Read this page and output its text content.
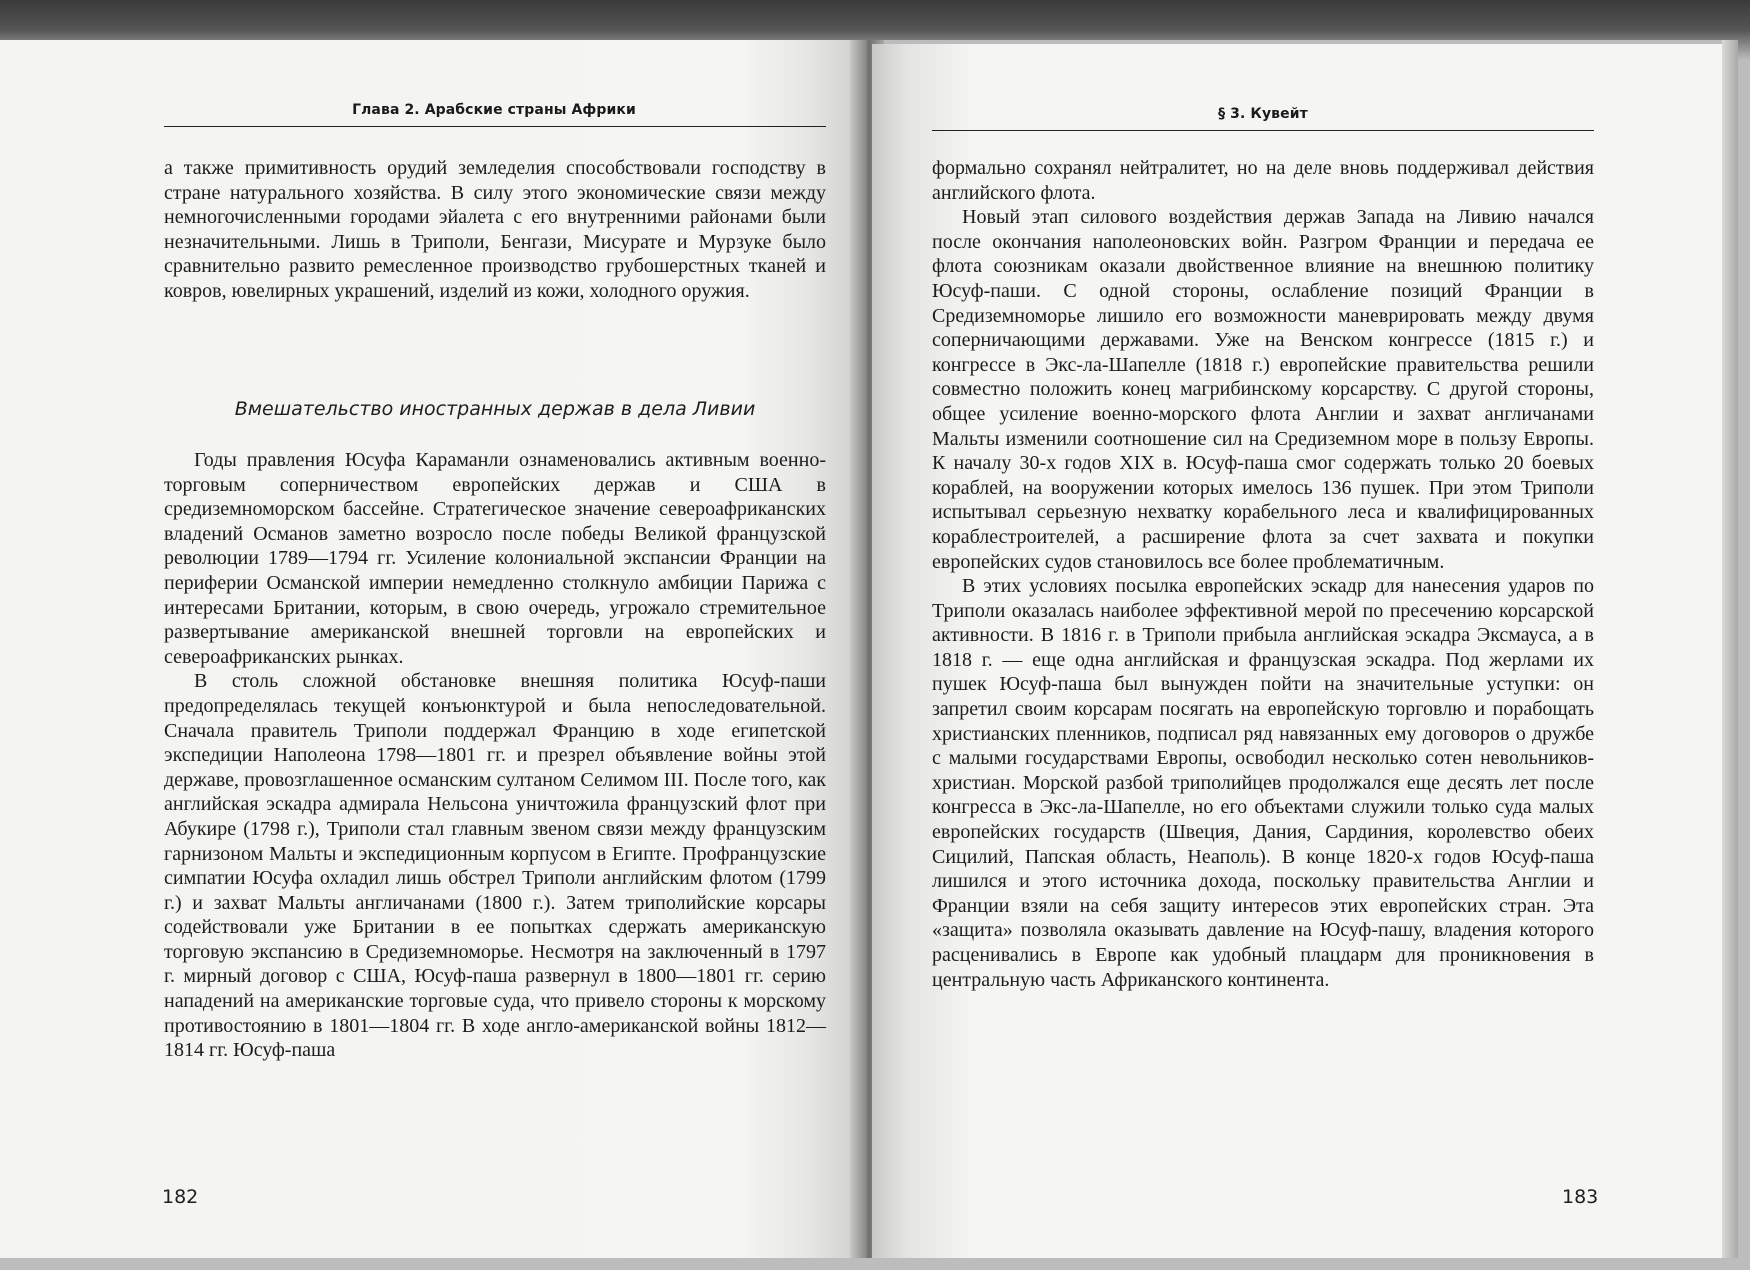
Глава 2. Арабские страны Африки

а также примитивность орудий земледелия способствовали господству в стране натурального хозяйства. В силу этого экономические связи между немногочисленными городами эйалета с его внутренними районами были незначительными. Лишь в Триполи, Бенгази, Мисурате и Мурзуке было сравнительно развито ремесленное производство грубошерстных тканей и ковров, ювелирных украшений, изделий из кожи, холодного оружия.

Вмешательство иностранных держав в дела Ливии

Годы правления Юсуфа Караманли ознаменовались активным военно-торговым соперничеством европейских держав и США в средиземноморском бассейне. Стратегическое значение североафриканских владений Османов заметно возросло после победы Великой французской революции 1789—1794 гг. Усиление колониальной экспансии Франции на периферии Османской империи немедленно столкнуло амбиции Парижа с интересами Британии, которым, в свою очередь, угрожало стремительное развертывание американской внешней торговли на европейских и североафриканских рынках.

В столь сложной обстановке внешняя политика Юсуф-паши предопределялась текущей конъюнктурой и была непоследовательной. Сначала правитель Триполи поддержал Францию в ходе египетской экспедиции Наполеона 1798—1801 гг. и презрел объявление войны этой державе, провозглашенное османским султаном Селимом III. После того, как английская эскадра адмирала Нельсона уничтожила французский флот при Абукире (1798 г.), Триполи стал главным звеном связи между французским гарнизоном Мальты и экспедиционным корпусом в Египте. Профранцузские симпатии Юсуфа охладил лишь обстрел Триполи английским флотом (1799 г.) и захват Мальты англичанами (1800 г.). Затем триполийские корсары содействовали уже Британии в ее попытках сдержать американскую торговую экспансию в Средиземноморье. Несмотря на заключенный в 1797 г. мирный договор с США, Юсуф-паша развернул в 1800—1801 гг. серию нападений на американские торговые суда, что привело стороны к морскому противостоянию в 1801—1804 гг. В ходе англо-американской войны 1812—1814 гг. Юсуф-паша

182
§ 3. Кувейт

формально сохранял нейтралитет, но на деле вновь поддерживал действия английского флота.

Новый этап силового воздействия держав Запада на Ливию начался после окончания наполеоновских войн. Разгром Франции и передача ее флота союзникам оказали двойственное влияние на внешнюю политику Юсуф-паши. С одной стороны, ослабление позиций Франции в Средиземноморье лишило его возможности маневрировать между двумя соперничающими державами. Уже на Венском конгрессе (1815 г.) и конгрессе в Экс-ла-Шапелле (1818 г.) европейские правительства решили совместно положить конец магрибинскому корсарству. С другой стороны, общее усиление военно-морского флота Англии и захват англичанами Мальты изменили соотношение сил на Средиземном море в пользу Европы. К началу 30-х годов XIX в. Юсуф-паша смог содержать только 20 боевых кораблей, на вооружении которых имелось 136 пушек. При этом Триполи испытывал серьезную нехватку корабельного леса и квалифицированных кораблестроителей, а расширение флота за счет захвата и покупки европейских судов становилось все более проблематичным.

В этих условиях посылка европейских эскадр для нанесения ударов по Триполи оказалась наиболее эффективной мерой по пресечению корсарской активности. В 1816 г. в Триполи прибыла английская эскадра Эксмауса, а в 1818 г. — еще одна английская и французская эскадра. Под жерлами их пушек Юсуф-паша был вынужден пойти на значительные уступки: он запретил своим корсарам посягать на европейскую торговлю и порабощать христианских пленников, подписал ряд навязанных ему договоров о дружбе с малыми государствами Европы, освободил несколько сотен невольников-христиан. Морской разбой триполийцев продолжался еще десять лет после конгресса в Экс-ла-Шапелле, но его объектами служили только суда малых европейских государств (Швеция, Дания, Сардиния, королевство обеих Сицилий, Папская область, Неаполь). В конце 1820-х годов Юсуф-паша лишился и этого источника дохода, поскольку правительства Англии и Франции взяли на себя защиту интересов этих европейских стран. Эта «защита» позволяла оказывать давление на Юсуф-пашу, владения которого расценивались в Европе как удобный плацдарм для проникновения в центральную часть Африканского континента.

183
